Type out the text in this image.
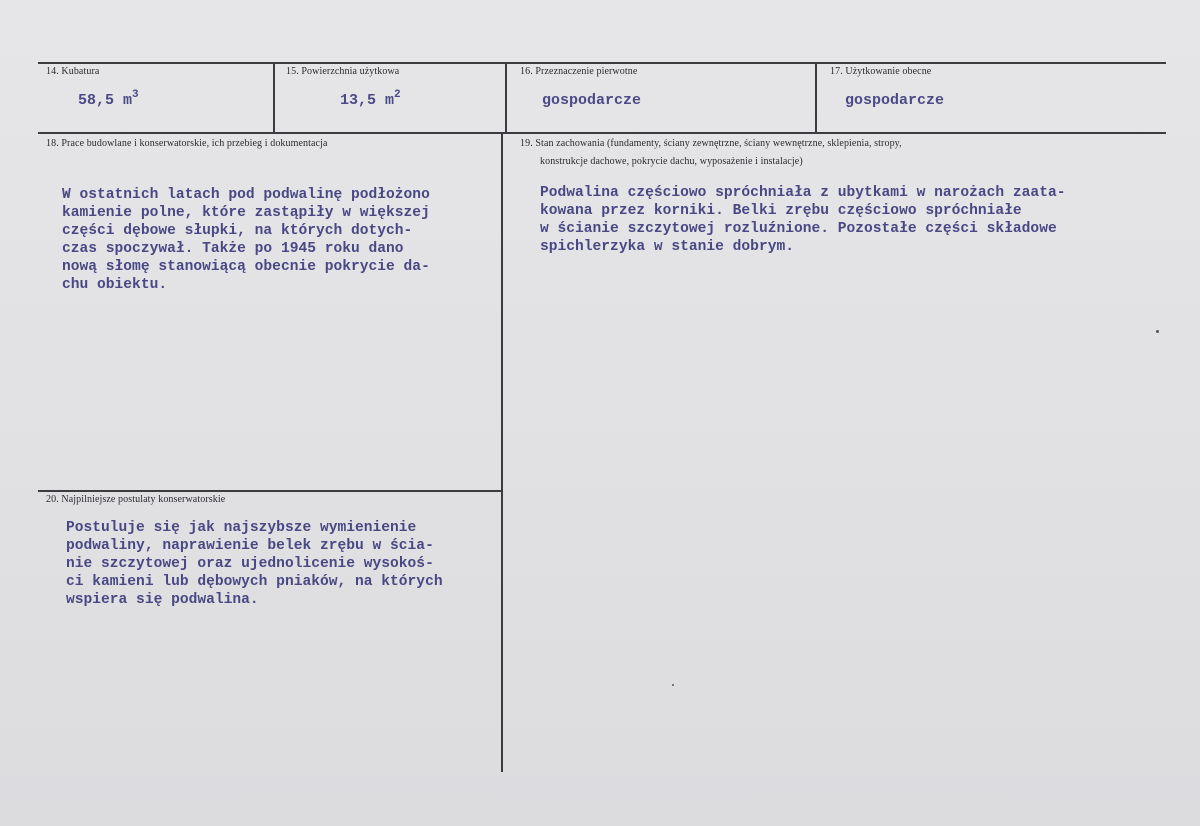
14. Kubatura
58,5 $m^3$
15. Powierzchnia użytkowa
13,5 $m^2$
16. Przeznaczenie pierwotne
gospodarcze
17. Użytkowanie obecne
gospodarcze
18. Prace budowlane i konserwatorskie, ich przebieg i dokumentacja
W ostatnich latach pod podwalinę podłożono
kamienie polne, które zastąpiły w większej
części dębowe słupki, na których dotych-
czas spoczywał. Także po 1945 roku dano
nową słomę stanowiącą obecnie pokrycie da-
chu obiektu.
19. Stan zachowania (fundamenty, ściany zewnętrzne, ściany wewnętrzne, sklepienia, stropy,
konstrukcje dachowe, pokrycie dachu, wyposażenie i instalacje)
Podwalina częściowo spróchniała z ubytkami w narożach zaata-
kowana przez korniki. Belki zrębu częściowo spróchniałe
w ścianie szczytowej rozluźnione. Pozostałe części składowe
spichlerzyka w stanie dobrym.
20. Najpilniejsze postulaty konserwatorskie
Postuluje się jak najszybsze wymienienie
podwaliny, naprawienie belek zrębu w ścia-
nie szczytowej oraz ujednolicenie wysokoś-
ci kamieni lub dębowych pniaków, na których
wspiera się podwalina.
